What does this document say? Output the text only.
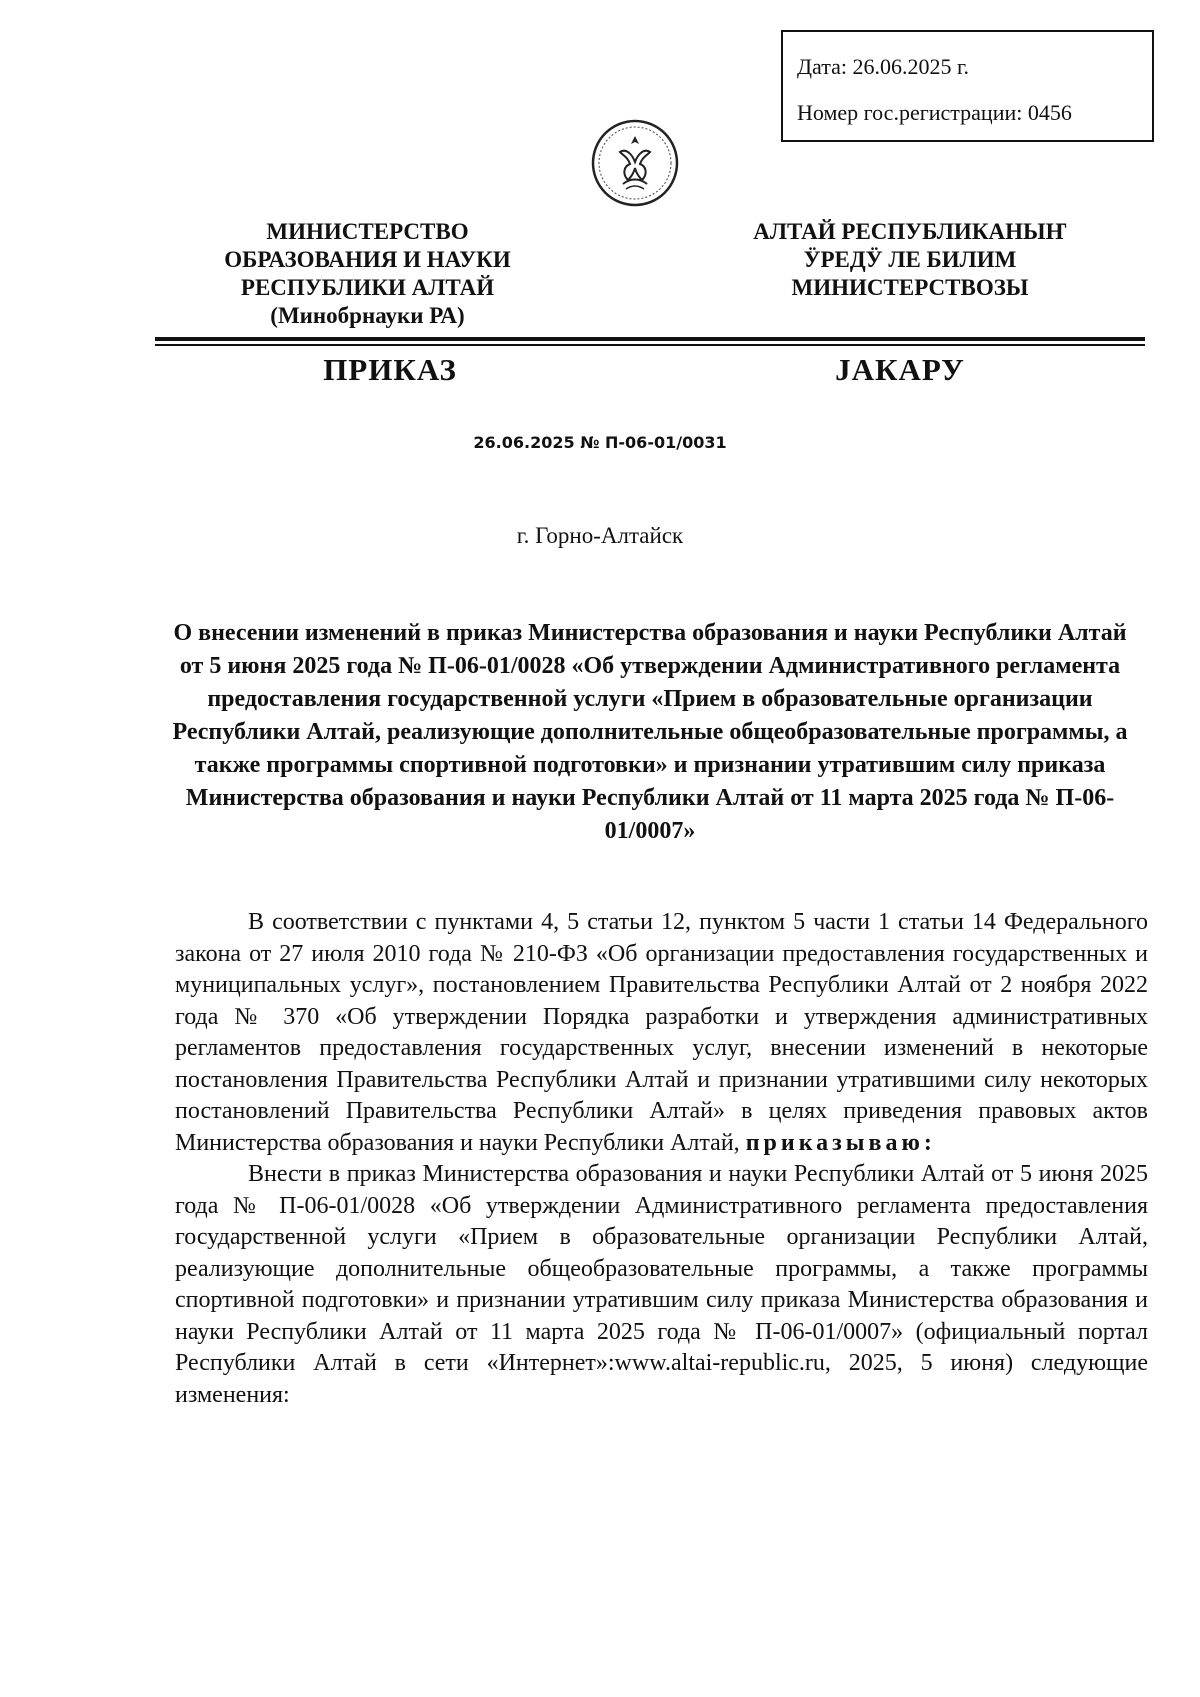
Дата: 26.06.2025 г.
Номер гос.регистрации: 0456
МИНИСТЕРСТВО
ОБРАЗОВАНИЯ И НАУКИ
РЕСПУБЛИКИ АЛТАЙ
(Минобрнауки РА)
АЛТАЙ РЕСПУБЛИКАНЫҤ
ӰРЕДӰ ЛЕ БИЛИМ
МИНИСТЕРСТВОЗЫ
ПРИКАЗ	ЈАКАРУ
26.06.2025 № П-06-01/0031
г. Горно-Алтайск
О внесении изменений в приказ Министерства образования и науки Республики Алтай от 5 июня 2025 года № П-06-01/0028 «Об утверждении Административного регламента предоставления государственной услуги «Прием в образовательные организации Республики Алтай, реализующие дополнительные общеобразовательные программы, а также программы спортивной подготовки» и признании утратившим силу приказа Министерства образования и науки Республики Алтай от 11 марта 2025 года № П-06-01/0007»

В соответствии с пунктами 4, 5 статьи 12, пунктом 5 части 1 статьи 14 Федерального закона от 27 июля 2010 года № 210-ФЗ «Об организации предоставления государственных и муниципальных услуг», постановлением Правительства Республики Алтай от 2 ноября 2022 года № 370 «Об утверждении Порядка разработки и утверждения административных регламентов предоставления государственных услуг, внесении изменений в некоторые постановления Правительства Республики Алтай и признании утратившими силу некоторых постановлений Правительства Республики Алтай» в целях приведения правовых актов Министерства образования и науки Республики Алтай, приказываю:

Внести в приказ Министерства образования и науки Республики Алтай от 5 июня 2025 года № П-06-01/0028 «Об утверждении Административного регламента предоставления государственной услуги «Прием в образовательные организации Республики Алтай, реализующие дополнительные общеобразовательные программы, а также программы спортивной подготовки» и признании утратившим силу приказа Министерства образования и науки Республики Алтай от 11 марта 2025 года № П-06-01/0007» (официальный портал Республики Алтай в сети «Интернет»:www.altai-republic.ru, 2025, 5 июня) следующие изменения:
